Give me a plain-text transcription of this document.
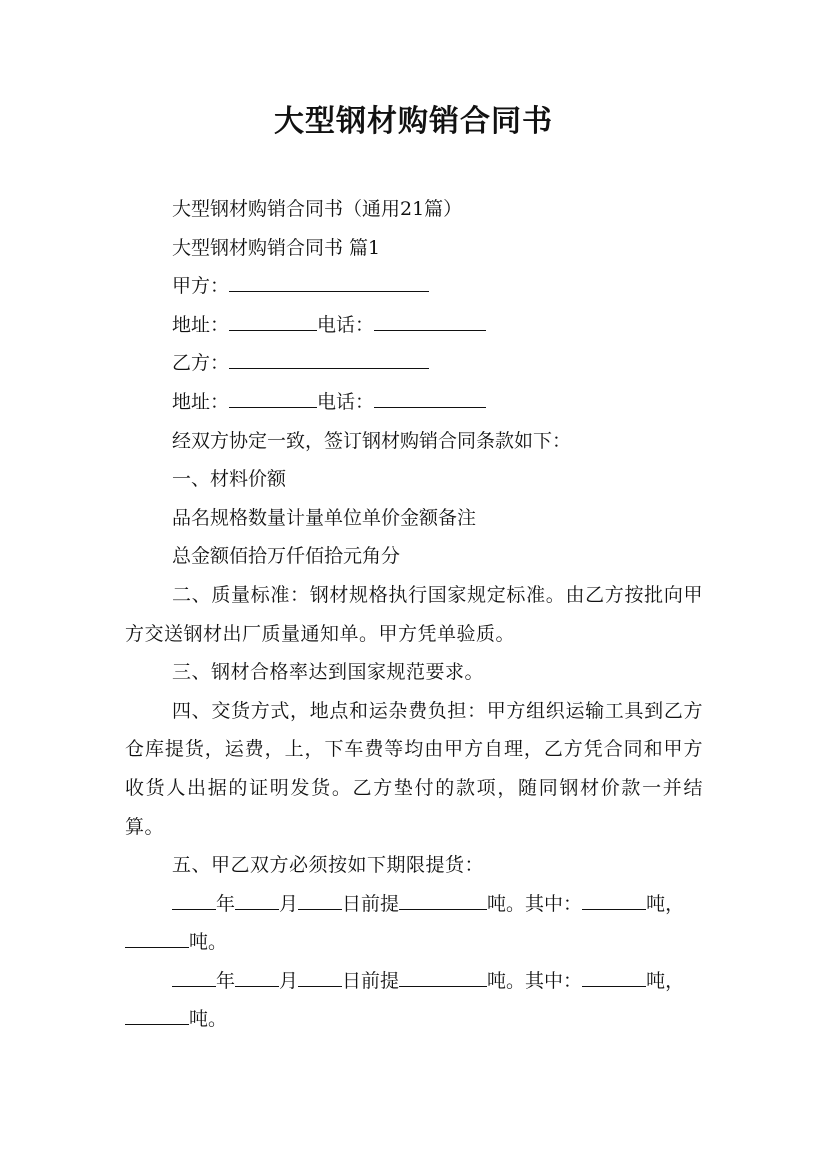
大型钢材购销合同书

大型钢材购销合同书（通用21篇）

大型钢材购销合同书 篇1

甲方：

地址：	电话：

乙方：

地址：	电话：

经双方协定一致，签订钢材购销合同条款如下：

一、材料价额

品名规格数量计量单位单价金额备注

总金额佰拾万仟佰拾元角分

二、质量标准：钢材规格执行国家规定标准。由乙方按批向甲方交送钢材出厂质量通知单。甲方凭单验质。

三、钢材合格率达到国家规范要求。

四、交货方式，地点和运杂费负担：甲方组织运输工具到乙方仓库提货，运费，上，下车费等均由甲方自理，乙方凭合同和甲方收货人出据的证明发货。乙方垫付的款项，随同钢材价款一并结算。

五、甲乙双方必须按如下期限提货：

年 月 日前提	吨。其中：	吨，

吨。

年 月 日前提	吨。其中：	吨，

吨。
